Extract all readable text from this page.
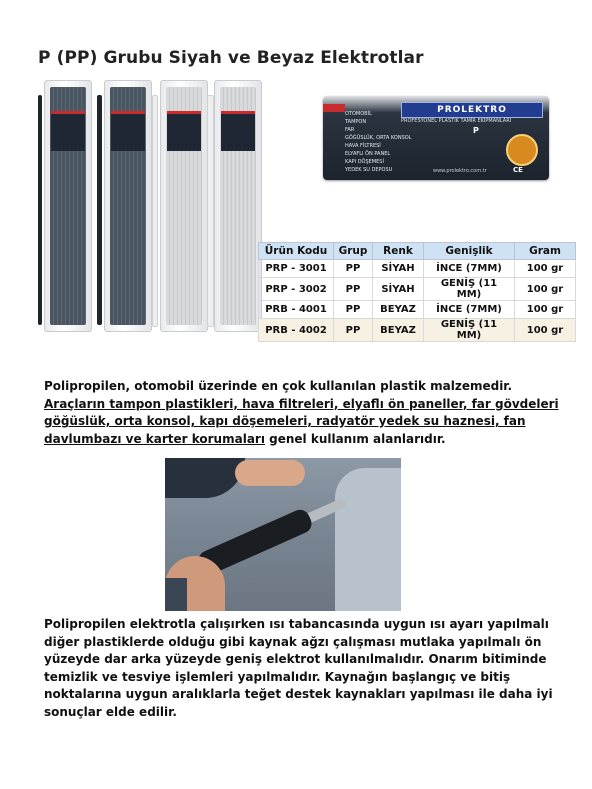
P (PP) Grubu Siyah ve Beyaz Elektrotlar
PROLEKTRO
PROFESYONEL PLASTİK TAMİR EKİPMANLARI
OTOMOBİL
TAMPON
FAR
GÖĞÜSLÜK, ORTA KONSOL
HAVA FİLTRESİ
ELYAFLI ÖN PANEL
KAPI DÖŞEMESİ
YEDEK SU DEPOSU
P
CE
www.prolektro.com.tr
Ürün Kodu	Grup	Renk	Genişlik	Gram
PRP - 3001	PP	SİYAH	İNCE (7MM)	100 gr
PRP - 3002	PP	SİYAH	GENİŞ (11 MM)	100 gr
PRB - 4001	PP	BEYAZ	İNCE (7MM)	100 gr
PRB - 4002	PP	BEYAZ	GENİŞ (11 MM)	100 gr
Polipropilen, otomobil üzerinde en çok kullanılan plastik malzemedir.
Araçların tampon plastikleri, hava filtreleri, elyaflı ön paneller, far gövdeleri göğüslük, orta konsol, kapı döşemeleri, radyatör yedek su haznesi, fan davlumbazı ve karter korumaları genel kullanım alanlarıdır.
Polipropilen elektrotla çalışırken ısı tabancasında uygun ısı ayarı yapılmalı diğer plastiklerde olduğu gibi kaynak ağzı çalışması mutlaka yapılmalı ön yüzeyde dar arka yüzeyde geniş elektrot kullanılmalıdır. Onarım bitiminde temizlik ve tesviye işlemleri yapılmalıdır. Kaynağın başlangıç ve bitiş noktalarına uygun aralıklarla teğet destek kaynakları yapılması ile daha iyi sonuçlar elde edilir.
